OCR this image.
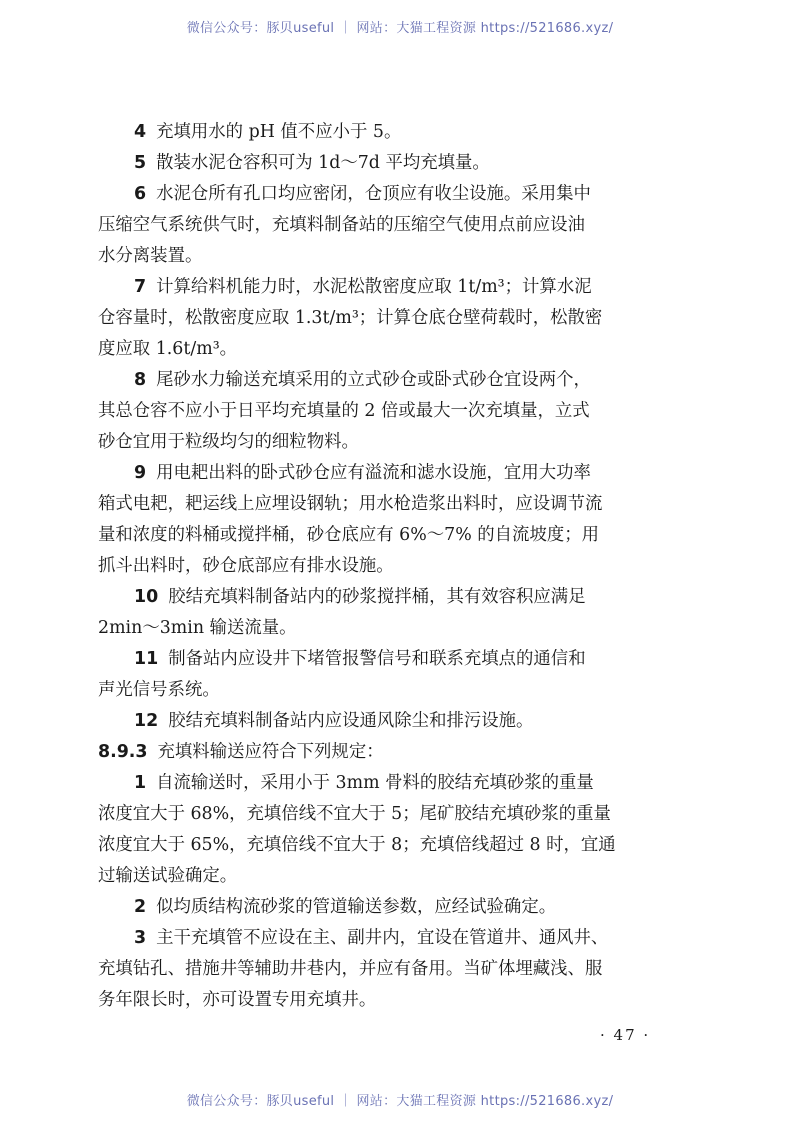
微信公众号：豚贝useful ｜ 网站：大猫工程资源 https://521686.xyz/
4 充填用水的 pH 值不应小于 5。
5 散装水泥仓容积可为 1d～7d 平均充填量。
6 水泥仓所有孔口均应密闭，仓顶应有收尘设施。采用集中
压缩空气系统供气时，充填料制备站的压缩空气使用点前应设油
水分离装置。
7 计算给料机能力时，水泥松散密度应取 1t/m³；计算水泥
仓容量时，松散密度应取 1.3t/m³；计算仓底仓壁荷载时，松散密
度应取 1.6t/m³。
8 尾砂水力输送充填采用的立式砂仓或卧式砂仓宜设两个，
其总仓容不应小于日平均充填量的 2 倍或最大一次充填量，立式
砂仓宜用于粒级均匀的细粒物料。
9 用电耙出料的卧式砂仓应有溢流和滤水设施，宜用大功率
箱式电耙，耙运线上应埋设钢轨；用水枪造浆出料时，应设调节流
量和浓度的料桶或搅拌桶，砂仓底应有 6%～7% 的自流坡度；用
抓斗出料时，砂仓底部应有排水设施。
10 胶结充填料制备站内的砂浆搅拌桶，其有效容积应满足
2min～3min 输送流量。
11 制备站内应设井下堵管报警信号和联系充填点的通信和
声光信号系统。
12 胶结充填料制备站内应设通风除尘和排污设施。
8.9.3 充填料输送应符合下列规定：
1 自流输送时，采用小于 3mm 骨料的胶结充填砂浆的重量
浓度宜大于 68%，充填倍线不宜大于 5；尾矿胶结充填砂浆的重量
浓度宜大于 65%，充填倍线不宜大于 8；充填倍线超过 8 时，宜通
过输送试验确定。
2 似均质结构流砂浆的管道输送参数，应经试验确定。
3 主干充填管不应设在主、副井内，宜设在管道井、通风井、
充填钻孔、措施井等辅助井巷内，并应有备用。当矿体埋藏浅、服
务年限长时，亦可设置专用充填井。
· 47 ·
微信公众号：豚贝useful ｜ 网站：大猫工程资源 https://521686.xyz/
